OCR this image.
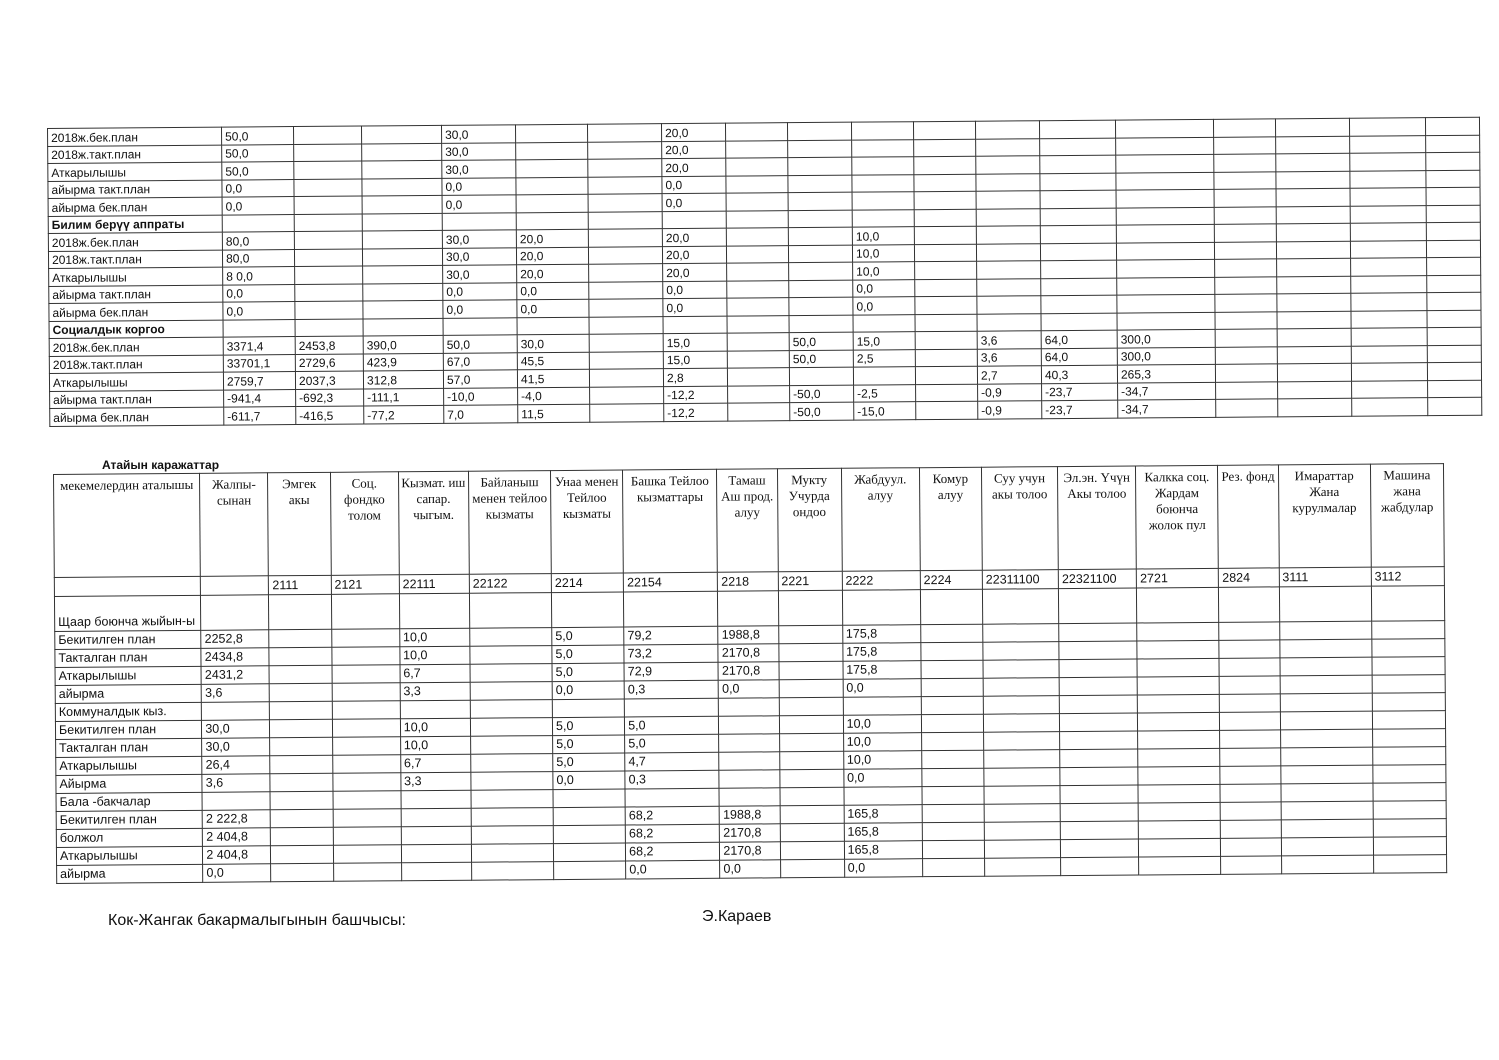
2018ж.бек.план	50,0			30,0			20,0											
2018ж.такт.план	50,0			30,0			20,0											
Аткарылышы	50,0			30,0			20,0											
айырма такт.план	0,0			0,0			0,0											
айырма бек.план	0,0			0,0			0,0											
Билим берүү аппраты																		
2018ж.бек.план	80,0			30,0	20,0		20,0			10,0								
2018ж.такт.план	80,0			30,0	20,0		20,0			10,0								
Аткарылышы	8 0,0			30,0	20,0		20,0			10,0								
айырма такт.план	0,0			0,0	0,0		0,0			0,0								
айырма бек.план	0,0			0,0	0,0		0,0			0,0								
Социалдык коргоо																		
2018ж.бек.план	3371,4	2453,8	390,0	50,0	30,0		15,0		50,0	15,0		3,6	64,0	300,0				
2018ж.такт.план	33701,1	2729,6	423,9	67,0	45,5		15,0		50,0	2,5		3,6	64,0	300,0				
Аткарылышы	2759,7	2037,3	312,8	57,0	41,5		2,8					2,7	40,3	265,3				
айырма такт.план	-941,4	-692,3	-111,1	-10,0	-4,0		-12,2		-50,0	-2,5		-0,9	-23,7	-34,7				
айырма бек.план	-611,7	-416,5	-77,2	7,0	11,5		-12,2		-50,0	-15,0		-0,9	-23,7	-34,7				
Атайын каражаттар
мекемелердин аталышы	Жалпы-сынан	Эмгек акы	Соц. фондко толом	Кызмат. иш сапар. чыгым.	Байланыш менен тейлоо кызматы	Унаа менен Тейлоо кызматы	Башка Тейлоо кызматтары	Тамаш Аш прод. алуу	Мукту Учурда ондоо	Жабдуул. алуу	Комур алуу	Суу учун акы толоо	Эл.эн. Үчүн Акы толоо	Калкка соц. Жардам боюнча жолок пул	Рез. фонд	Имараттар Жана курулмалар	Машина жана жабдулар
		2111	2121	22111	22122	2214	22154	2218	2221	2222	2224	22311100	22321100	2721	2824	3111	3112
Щаар боюнча жыйын-ы																	
Бекитилген план	2252,8			10,0		5,0	79,2	1988,8		175,8							
Такталган план	2434,8			10,0		5,0	73,2	2170,8		175,8							
Аткарылышы	2431,2			6,7		5,0	72,9	2170,8		175,8							
айырма	3,6			3,3		0,0	0,3	0,0		0,0							
Коммуналдык кыз.																	
Бекитилген план	30,0			10,0		5,0	5,0			10,0							
Такталган план	30,0			10,0		5,0	5,0			10,0							
Аткарылышы	26,4			6,7		5,0	4,7			10,0							
Айырма	3,6			3,3		0,0	0,3			0,0							
Бала -бакчалар																	
Бекитилген план	2 222,8						68,2	1988,8		165,8							
болжол	2 404,8						68,2	2170,8		165,8							
Аткарылышы	2 404,8						68,2	2170,8		165,8							
айырма	0,0						0,0	0,0		0,0							
Кок-Жангак бакармалыгынын башчысы:	Э.Караев
